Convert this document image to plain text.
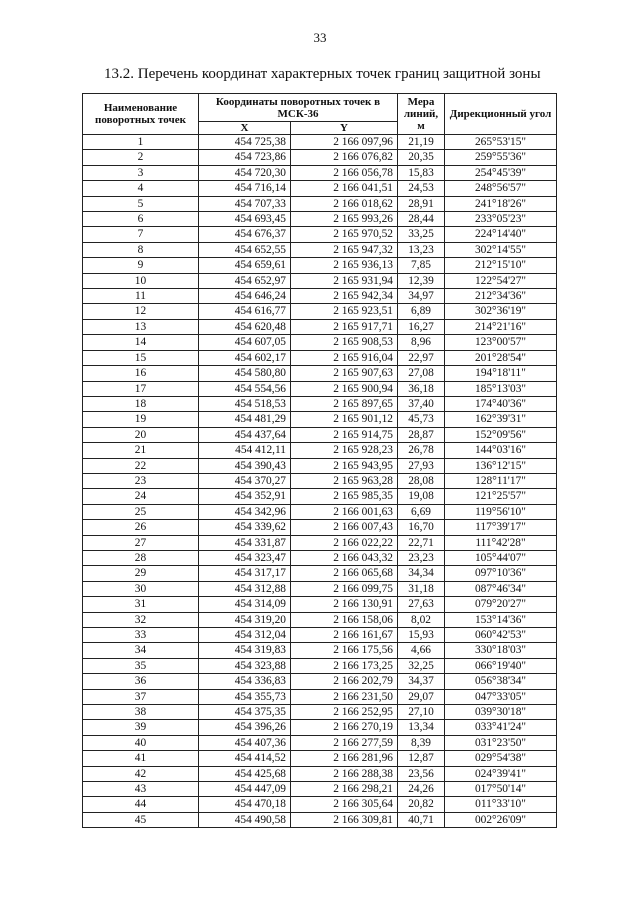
33
13.2. Перечень координат характерных точек границ защитной зоны
Наименование поворотных точек	Координаты поворотных точек в МСК-36		Мера линий, м	Дирекционный угол
	X	Y		
1	454 725,38	2 166 097,96	21,19	265°53'15"
2	454 723,86	2 166 076,82	20,35	259°55'36"
3	454 720,30	2 166 056,78	15,83	254°45'39"
4	454 716,14	2 166 041,51	24,53	248°56'57"
5	454 707,33	2 166 018,62	28,91	241°18'26"
6	454 693,45	2 165 993,26	28,44	233°05'23"
7	454 676,37	2 165 970,52	33,25	224°14'40"
8	454 652,55	2 165 947,32	13,23	302°14'55"
9	454 659,61	2 165 936,13	7,85	212°15'10"
10	454 652,97	2 165 931,94	12,39	122°54'27"
11	454 646,24	2 165 942,34	34,97	212°34'36"
12	454 616,77	2 165 923,51	6,89	302°36'19"
13	454 620,48	2 165 917,71	16,27	214°21'16"
14	454 607,05	2 165 908,53	8,96	123°00'57"
15	454 602,17	2 165 916,04	22,97	201°28'54"
16	454 580,80	2 165 907,63	27,08	194°18'11"
17	454 554,56	2 165 900,94	36,18	185°13'03"
18	454 518,53	2 165 897,65	37,40	174°40'36"
19	454 481,29	2 165 901,12	45,73	162°39'31"
20	454 437,64	2 165 914,75	28,87	152°09'56"
21	454 412,11	2 165 928,23	26,78	144°03'16"
22	454 390,43	2 165 943,95	27,93	136°12'15"
23	454 370,27	2 165 963,28	28,08	128°11'17"
24	454 352,91	2 165 985,35	19,08	121°25'57"
25	454 342,96	2 166 001,63	6,69	119°56'10"
26	454 339,62	2 166 007,43	16,70	117°39'17"
27	454 331,87	2 166 022,22	22,71	111°42'28"
28	454 323,47	2 166 043,32	23,23	105°44'07"
29	454 317,17	2 166 065,68	34,34	097°10'36"
30	454 312,88	2 166 099,75	31,18	087°46'34"
31	454 314,09	2 166 130,91	27,63	079°20'27"
32	454 319,20	2 166 158,06	8,02	153°14'36"
33	454 312,04	2 166 161,67	15,93	060°42'53"
34	454 319,83	2 166 175,56	4,66	330°18'03"
35	454 323,88	2 166 173,25	32,25	066°19'40"
36	454 336,83	2 166 202,79	34,37	056°38'34"
37	454 355,73	2 166 231,50	29,07	047°33'05"
38	454 375,35	2 166 252,95	27,10	039°30'18"
39	454 396,26	2 166 270,19	13,34	033°41'24"
40	454 407,36	2 166 277,59	8,39	031°23'50"
41	454 414,52	2 166 281,96	12,87	029°54'38"
42	454 425,68	2 166 288,38	23,56	024°39'41"
43	454 447,09	2 166 298,21	24,26	017°50'14"
44	454 470,18	2 166 305,64	20,82	011°33'10"
45	454 490,58	2 166 309,81	40,71	002°26'09"
